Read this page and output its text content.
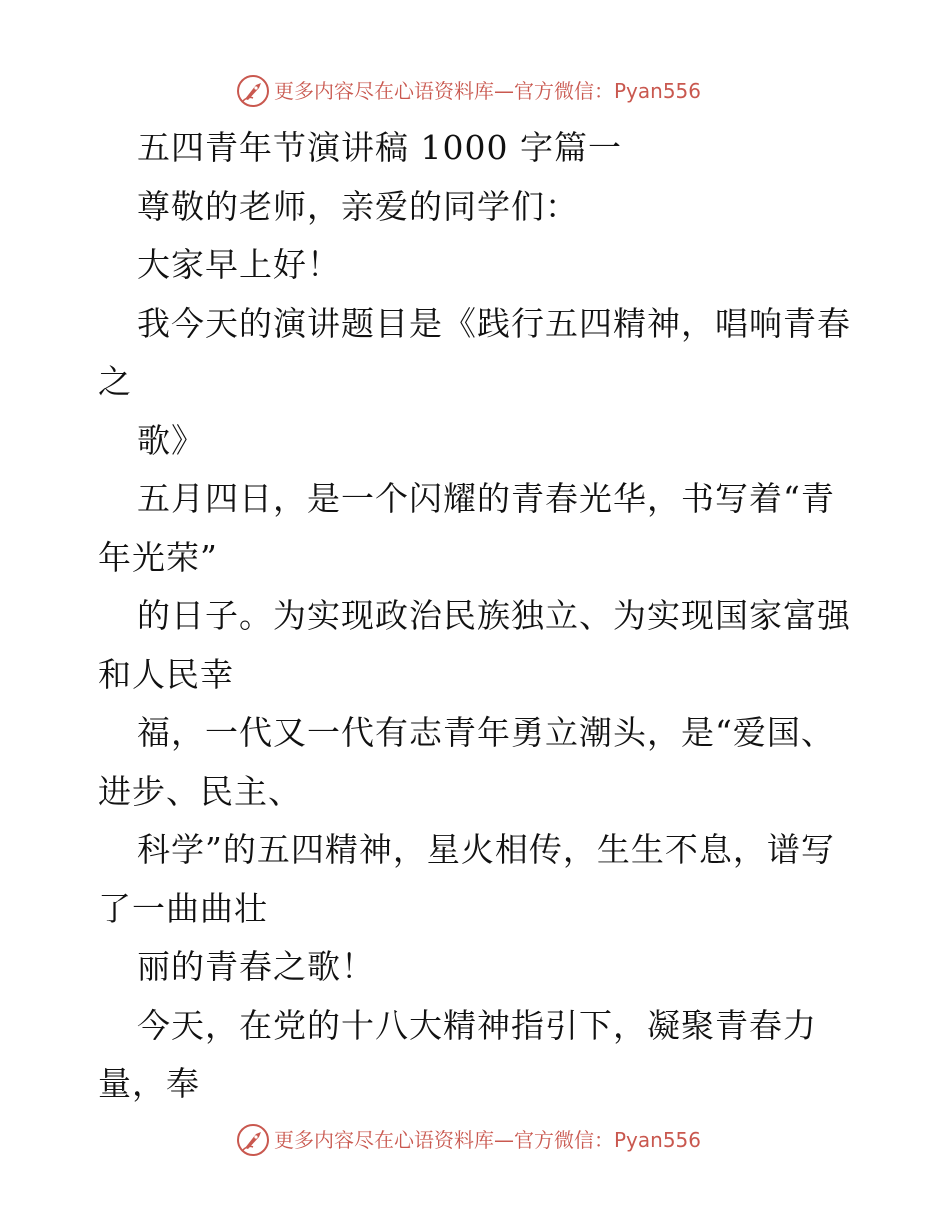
更多内容尽在心语资料库—官方微信：Pyan556
五四青年节演讲稿 1000 字篇一
尊敬的老师，亲爱的同学们：
大家早上好！
我今天的演讲题目是《践行五四精神，唱响青春
之
歌》
五月四日，是一个闪耀的青春光华，书写着“青
年光荣”
的日子。为实现政治民族独立、为实现国家富强
和人民幸
福，一代又一代有志青年勇立潮头，是“爱国、
进步、民主、
科学”的五四精神，星火相传，生生不息，谱写
了一曲曲壮
丽的青春之歌！
今天，在党的十八大精神指引下，凝聚青春力
量，奉
更多内容尽在心语资料库—官方微信：Pyan556
